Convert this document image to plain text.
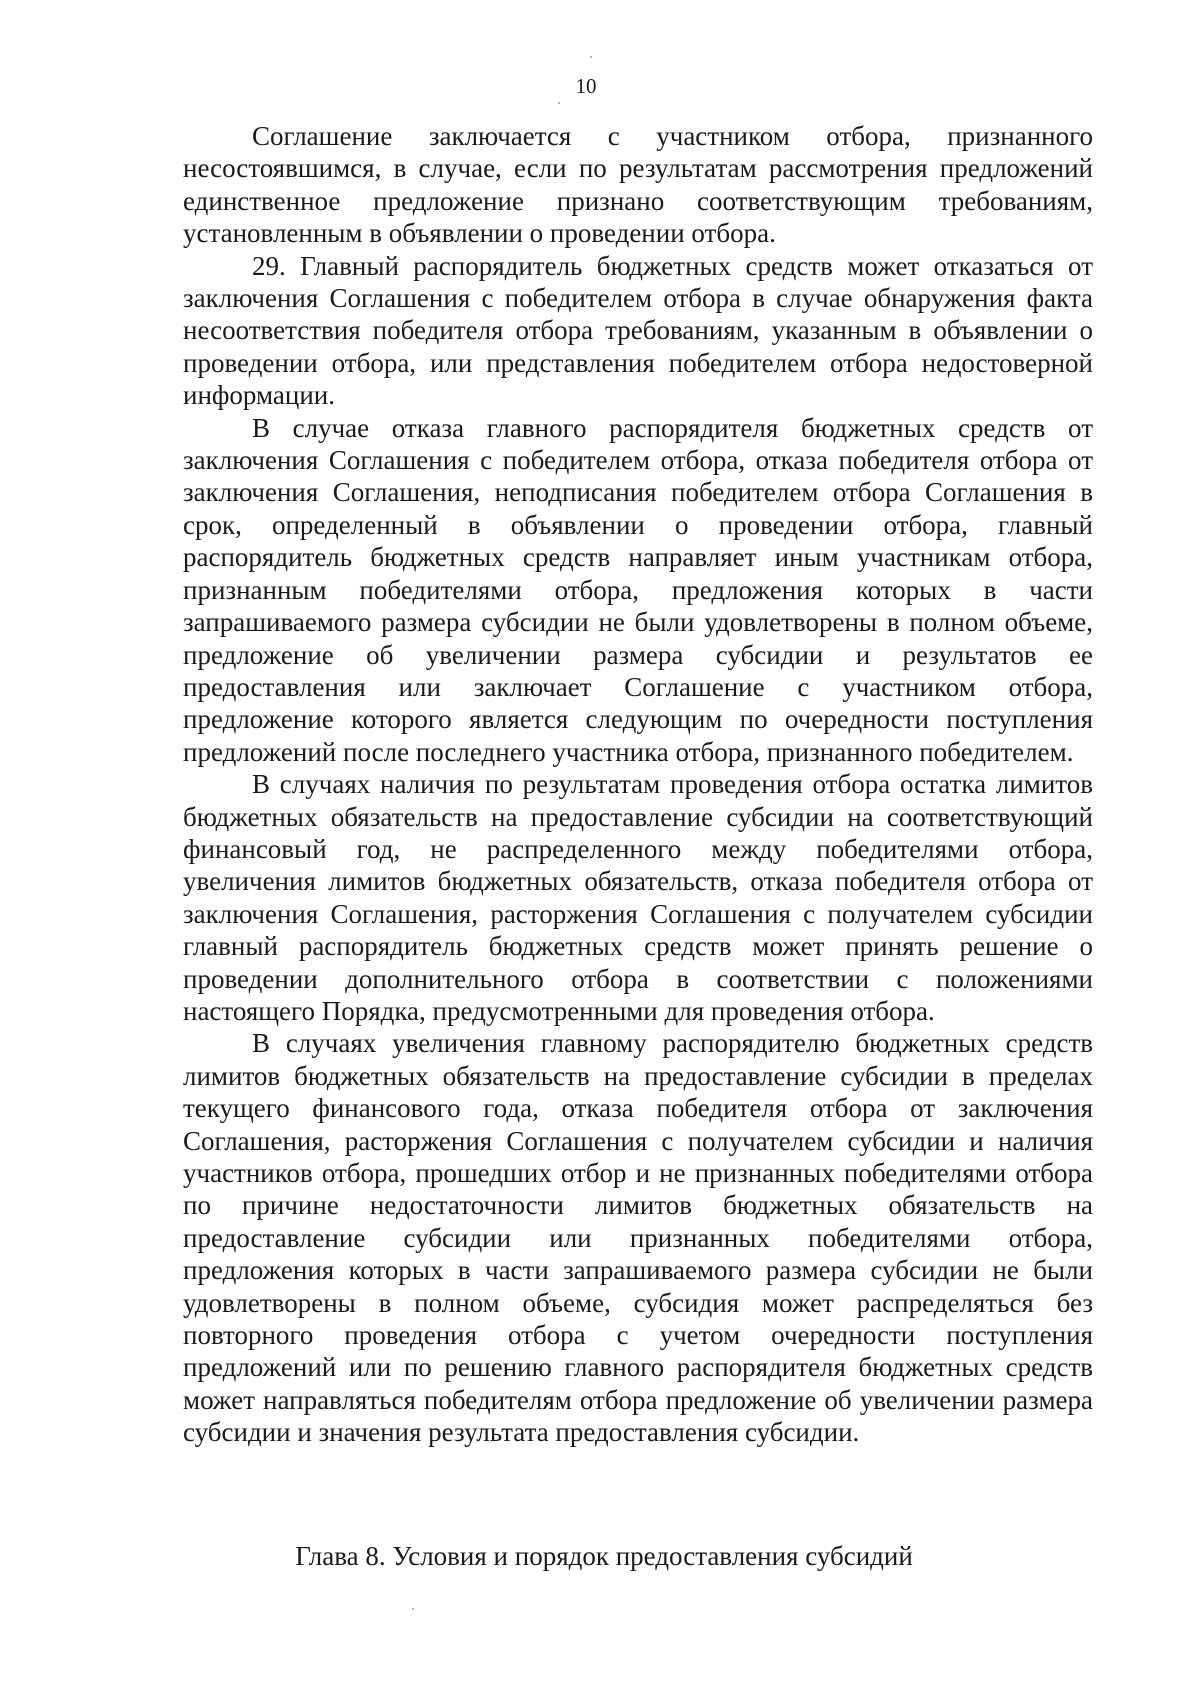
10

Соглашение заключается с участником отбора, признанного несостоявшимся, в случае, если по результатам рассмотрения предложений единственное предложение признано соответствующим требованиям, установленным в объявлении о проведении отбора.

29. Главный распорядитель бюджетных средств может отказаться от заключения Соглашения с победителем отбора в случае обнаружения факта несоответствия победителя отбора требованиям, указанным в объявлении о проведении отбора, или представления победителем отбора недостоверной информации.

В случае отказа главного распорядителя бюджетных средств от заключения Соглашения с победителем отбора, отказа победителя отбора от заключения Соглашения, неподписания победителем отбора Соглашения в срок, определенный в объявлении о проведении отбора, главный распорядитель бюджетных средств направляет иным участникам отбора, признанным победителями отбора, предложения которых в части запрашиваемого размера субсидии не были удовлетворены в полном объеме, предложение об увеличении размера субсидии и результатов ее предоставления или заключает Соглашение с участником отбора, предложение которого является следующим по очередности поступления предложений после последнего участника отбора, признанного победителем.

В случаях наличия по результатам проведения отбора остатка лимитов бюджетных обязательств на предоставление субсидии на соответствующий финансовый год, не распределенного между победителями отбора, увеличения лимитов бюджетных обязательств, отказа победителя отбора от заключения Соглашения, расторжения Соглашения с получателем субсидии главный распорядитель бюджетных средств может принять решение о проведении дополнительного отбора в соответствии с положениями настоящего Порядка, предусмотренными для проведения отбора.

В случаях увеличения главному распорядителю бюджетных средств лимитов бюджетных обязательств на предоставление субсидии в пределах текущего финансового года, отказа победителя отбора от заключения Соглашения, расторжения Соглашения с получателем субсидии и наличия участников отбора, прошедших отбор и не признанных победителями отбора по причине недостаточности лимитов бюджетных обязательств на предоставление субсидии или признанных победителями отбора, предложения которых в части запрашиваемого размера субсидии не были удовлетворены в полном объеме, субсидия может распределяться без повторного проведения отбора с учетом очередности поступления предложений или по решению главного распорядителя бюджетных средств может направляться победителям отбора предложение об увеличении размера субсидии и значения результата предоставления субсидии.

Глава 8. Условия и порядок предоставления субсидий
